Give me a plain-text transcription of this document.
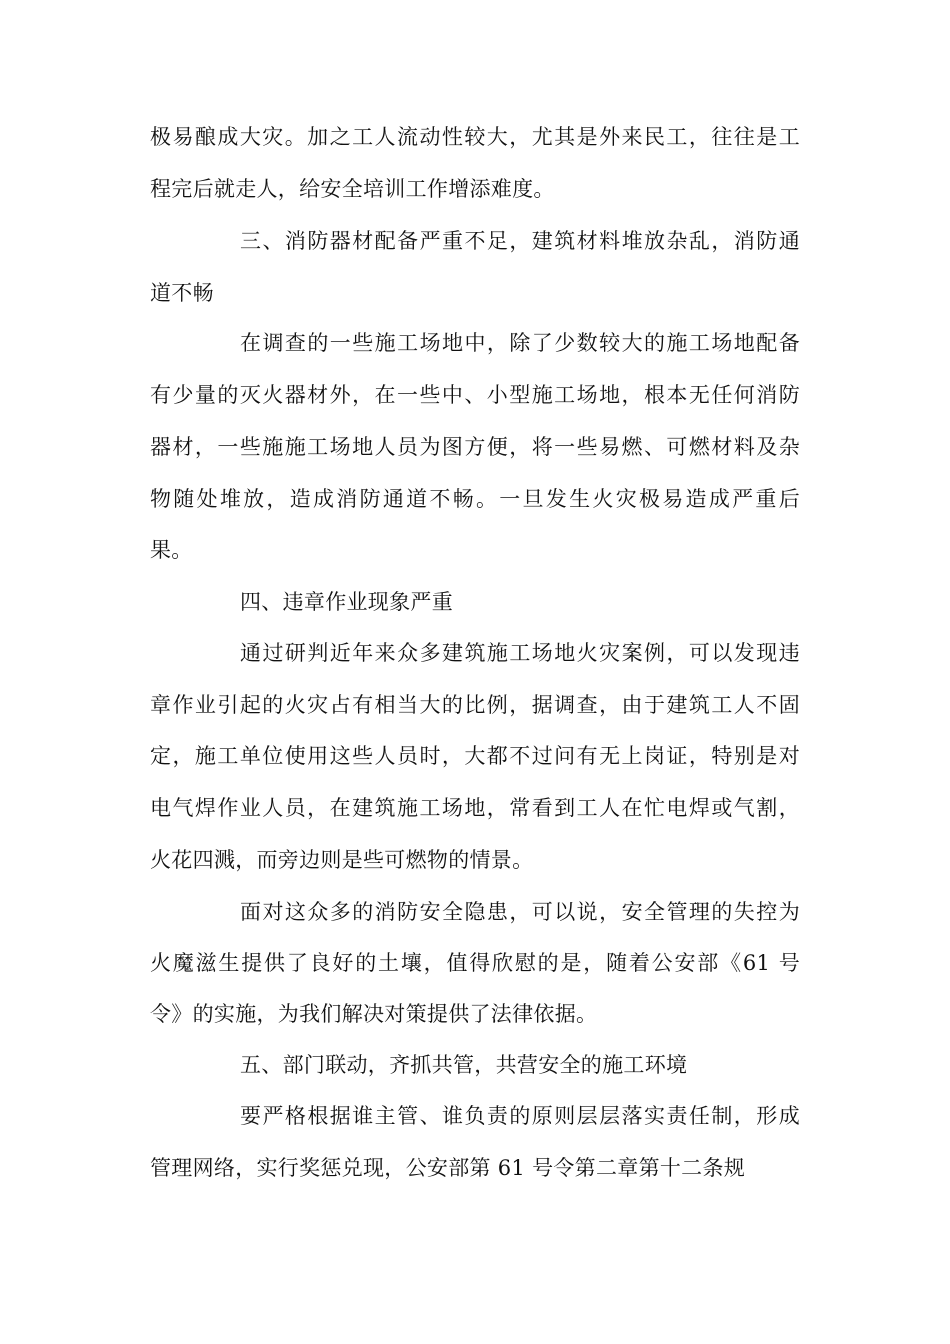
极易酿成大灾。加之工人流动性较大，尤其是外来民工，往往是工
程完后就走人，给安全培训工作增添难度。
三、消防器材配备严重不足，建筑材料堆放杂乱，消防通
道不畅
在调查的一些施工场地中，除了少数较大的施工场地配备
有少量的灭火器材外，在一些中、小型施工场地，根本无任何消防
器材，一些施施工场地人员为图方便，将一些易燃、可燃材料及杂
物随处堆放，造成消防通道不畅。一旦发生火灾极易造成严重后
果。
四、违章作业现象严重
通过研判近年来众多建筑施工场地火灾案例，可以发现违
章作业引起的火灾占有相当大的比例，据调查，由于建筑工人不固
定，施工单位使用这些人员时，大都不过问有无上岗证，特别是对
电气焊作业人员，在建筑施工场地，常看到工人在忙电焊或气割，
火花四溅，而旁边则是些可燃物的情景。
面对这众多的消防安全隐患，可以说，安全管理的失控为
火魔滋生提供了良好的土壤，值得欣慰的是，随着公安部《61 号
令》的实施，为我们解决对策提供了法律依据。
五、部门联动，齐抓共管，共营安全的施工环境
要严格根据谁主管、谁负责的原则层层落实责任制，形成
管理网络，实行奖惩兑现，公安部第 61 号令第二章第十二条规
